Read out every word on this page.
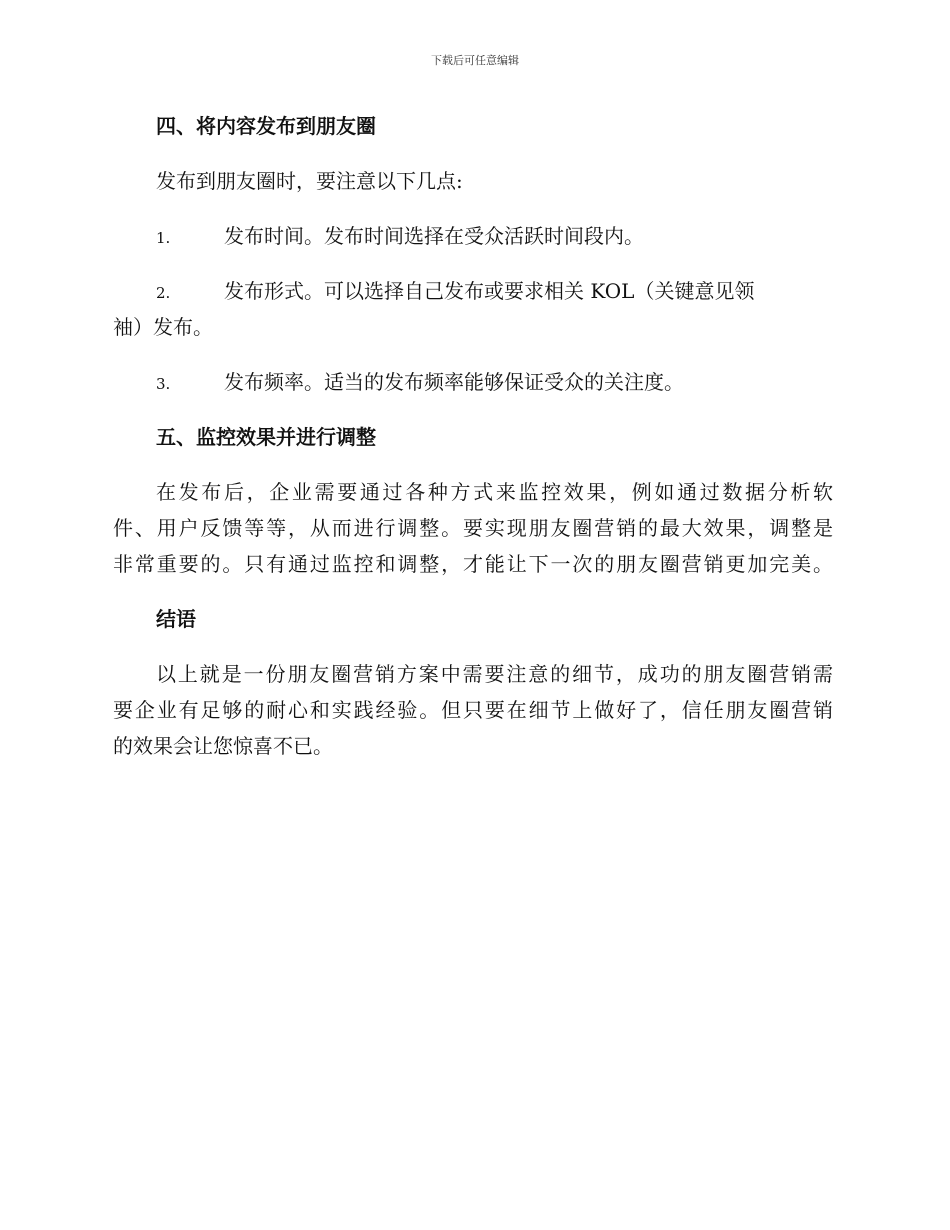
下载后可任意编辑
四、将内容发布到朋友圈
发布到朋友圈时，要注意以下几点:
1.	发布时间。发布时间选择在受众活跃时间段内。
2.	发布形式。可以选择自己发布或要求相关 KOL（关键意见领
袖）发布。
3.	发布频率。适当的发布频率能够保证受众的关注度。
五、监控效果并进行调整
在发布后，企业需要通过各种方式来监控效果，例如通过数据分析软
件、用户反馈等等，从而进行调整。要实现朋友圈营销的最大效果，调整是
非常重要的。只有通过监控和调整，才能让下一次的朋友圈营销更加完美。
结语
以上就是一份朋友圈营销方案中需要注意的细节，成功的朋友圈营销需
要企业有足够的耐心和实践经验。但只要在细节上做好了，信任朋友圈营销
的效果会让您惊喜不已。
